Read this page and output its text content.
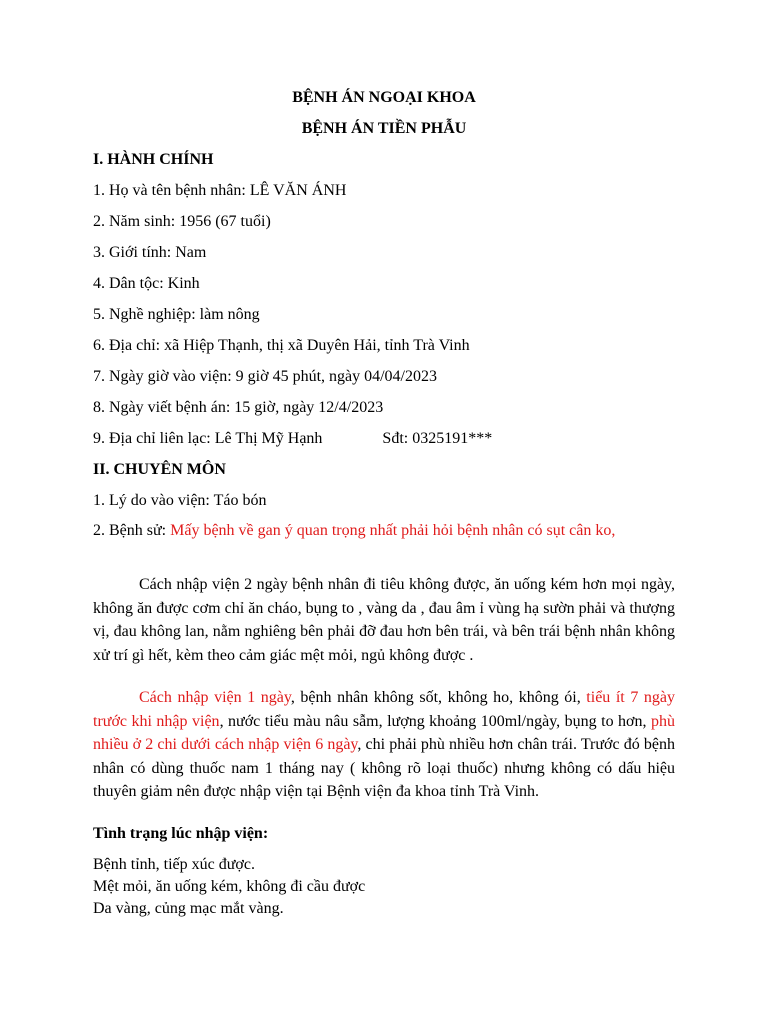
BỆNH ÁN NGOẠI KHOA
BỆNH ÁN TIỀN PHẪU
I. HÀNH CHÍNH
1. Họ và tên bệnh nhân: LÊ VĂN ÁNH
2. Năm sinh: 1956 (67 tuổi)
3. Giới tính: Nam
4. Dân tộc: Kinh
5. Nghề nghiệp: làm nông
6. Địa chỉ: xã Hiệp Thạnh, thị xã Duyên Hải, tỉnh Trà Vinh
7. Ngày giờ vào viện: 9 giờ 45 phút, ngày 04/04/2023
8. Ngày viết bệnh án: 15 giờ, ngày 12/4/2023
9. Địa chỉ liên lạc: Lê Thị Mỹ Hạnh	Sđt: 0325191***
II. CHUYÊN MÔN
1. Lý do vào viện: Táo bón
2. Bệnh sử: Mấy bệnh về gan ý quan trọng nhất phải hỏi bệnh nhân có sụt cân ko,
Cách nhập viện 2 ngày bệnh nhân đi tiêu không được, ăn uống kém hơn mọi ngày, không ăn được cơm chỉ ăn cháo, bụng to , vàng da , đau âm ỉ vùng hạ sườn phải và thượng vị, đau không lan, nằm nghiêng bên phải đỡ đau hơn bên trái, và bên trái bệnh nhân không xử trí gì hết, kèm theo cảm giác mệt mỏi, ngủ không được .
Cách nhập viện 1 ngày, bệnh nhân không sốt, không ho, không ói, tiểu ít 7 ngày trước khi nhập viện, nước tiểu màu nâu sẫm, lượng khoảng 100ml/ngày, bụng to hơn, phù nhiều ở 2 chi dưới cách nhập viện 6 ngày, chi phải phù nhiều hơn chân trái. Trước đó bệnh nhân có dùng thuốc nam 1 tháng nay ( không rõ loại thuốc) nhưng không có dấu hiệu thuyên giảm nên được nhập viện tại Bệnh viện đa khoa tỉnh Trà Vinh.
Tình trạng lúc nhập viện:
Bệnh tỉnh, tiếp xúc được.
Mệt mỏi, ăn uống kém, không đi cầu được
Da vàng, củng mạc mắt vàng.
